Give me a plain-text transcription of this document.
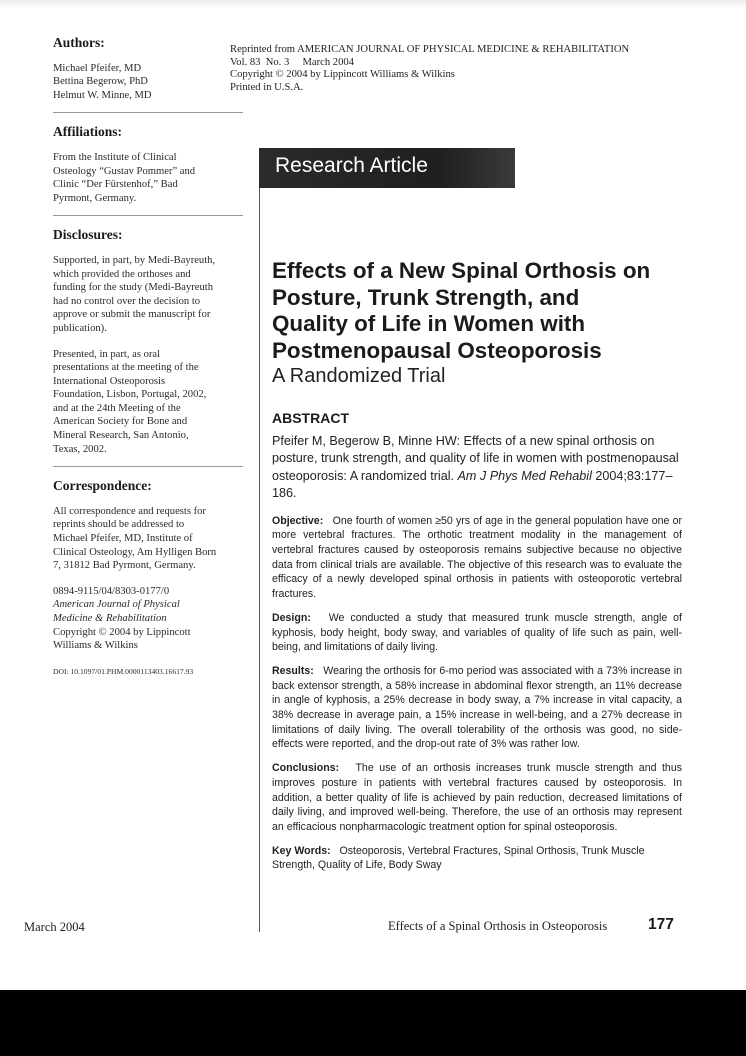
Authors:
Michael Pfeifer, MD
Bettina Begerow, PhD
Helmut W. Minne, MD
Affiliations:
From the Institute of Clinical
Osteology “Gustav Pommer” and
Clinic “Der Fürstenhof,” Bad
Pyrmont, Germany.
Disclosures:
Supported, in part, by Medi-Bayreuth,
which provided the orthoses and
funding for the study (Medi-Bayreuth
had no control over the decision to
approve or submit the manuscript for
publication).
Presented, in part, as oral
presentations at the meeting of the
International Osteoporosis
Foundation, Lisbon, Portugal, 2002,
and at the 24th Meeting of the
American Society for Bone and
Mineral Research, San Antonio,
Texas, 2002.
Correspondence:
All correspondence and requests for
reprints should be addressed to
Michael Pfeifer, MD, Institute of
Clinical Osteology, Am Hylligen Born
7, 31812 Bad Pyrmont, Germany.
0894-9115/04/8303-0177/0
American Journal of Physical
Medicine & Rehabilitation
Copyright © 2004 by Lippincott
Williams & Wilkins
DOI: 10.1097/01.PHM.0000113403.16617.93
Reprinted from AMERICAN JOURNAL OF PHYSICAL MEDICINE & REHABILITATION
Vol. 83  No. 3     March 2004
Copyright © 2004 by Lippincott Williams & Wilkins
Printed in U.S.A.
Research Article
Effects of a New Spinal Orthosis on
Posture, Trunk Strength, and
Quality of Life in Women with
Postmenopausal Osteoporosis
A Randomized Trial
ABSTRACT

Pfeifer M, Begerow B, Minne HW: Effects of a new spinal orthosis on posture, trunk strength, and quality of life in women with postmenopausal osteoporosis: A randomized trial. Am J Phys Med Rehabil 2004;83:177–186.

Objective: One fourth of women ≥50 yrs of age in the general population have one or more vertebral fractures. The orthotic treatment modality in the management of vertebral fractures caused by osteoporosis remains subjective because no objective data from clinical trials are available. The objective of this research was to evaluate the efficacy of a newly developed spinal orthosis in patients with osteoporotic vertebral fractures.

Design: We conducted a study that measured trunk muscle strength, angle of kyphosis, body height, body sway, and variables of quality of life such as pain, well-being, and limitations of daily living.

Results: Wearing the orthosis for 6-mo period was associated with a 73% increase in back extensor strength, a 58% increase in abdominal flexor strength, an 11% decrease in angle of kyphosis, a 25% decrease in body sway, a 7% increase in vital capacity, a 38% decrease in average pain, a 15% increase in well-being, and a 27% decrease in limitations of daily living. The overall tolerability of the orthosis was good, no side-effects were reported, and the drop-out rate of 3% was rather low.

Conclusions: The use of an orthosis increases trunk muscle strength and thus improves posture in patients with vertebral fractures caused by osteoporosis. In addition, a better quality of life is achieved by pain reduction, decreased limitations of daily living, and improved well-being. Therefore, the use of an orthosis may represent an efficacious nonpharmacologic treatment option for spinal osteoporosis.

Key Words: Osteoporosis, Vertebral Fractures, Spinal Orthosis, Trunk Muscle Strength, Quality of Life, Body Sway

March 2004	Effects of a Spinal Orthosis in Osteoporosis	177
